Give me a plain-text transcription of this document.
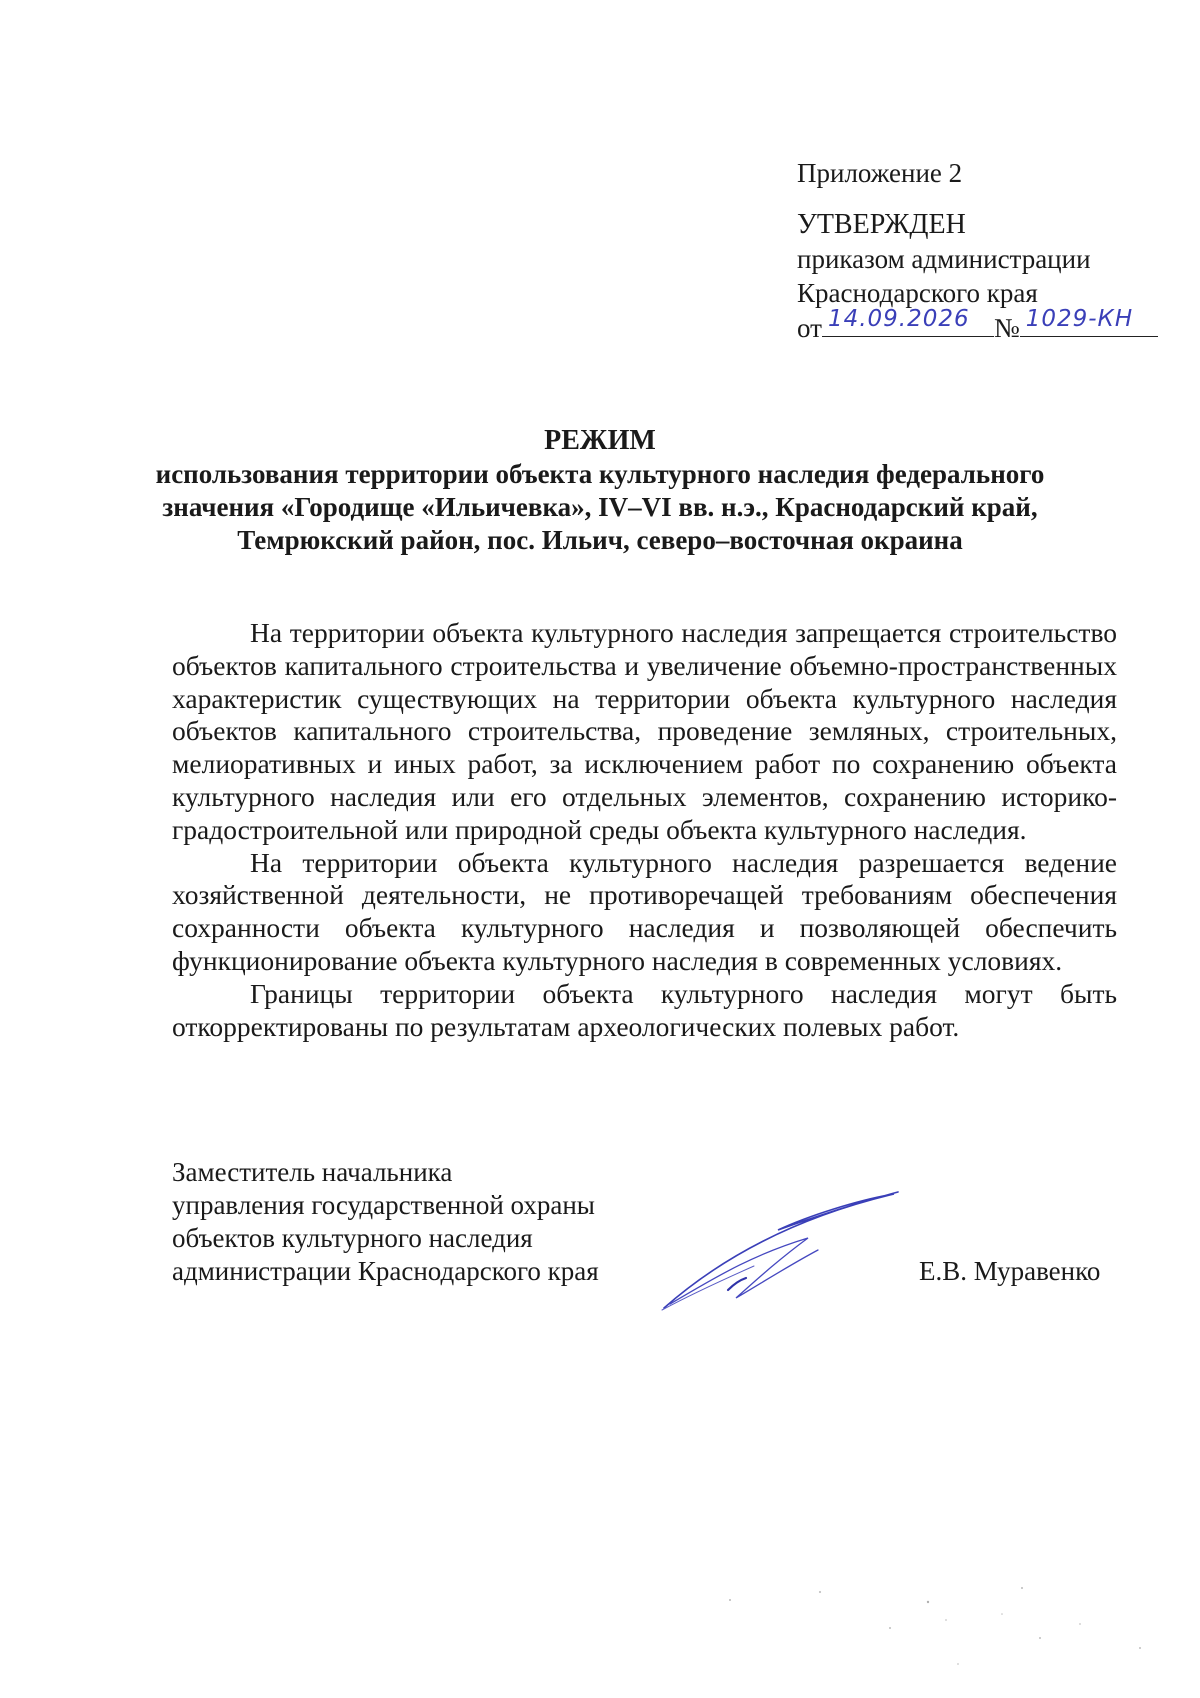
Приложение 2
УТВЕРЖДЕН
приказом администрации
Краснодарского края
от 14.09.2026 № 1029-КН
РЕЖИМ
использования территории объекта культурного наследия федерального
значения «Городище «Ильичевка», IV–VI вв. н.э., Краснодарский край,
Темрюкский район, пос. Ильич, северо–восточная окраина

На территории объекта культурного наследия запрещается строительство объектов капитального строительства и увеличение объемно-пространственных характеристик существующих на территории объекта культурного наследия объектов капитального строительства, проведение земляных, строительных, мелиоративных и иных работ, за исключением работ по сохранению объекта культурного наследия или его отдельных элементов, сохранению историко-градостроительной или природной среды объекта культурного наследия.

На территории объекта культурного наследия разрешается ведение хозяйственной деятельности, не противоречащей требованиям обеспечения сохранности объекта культурного наследия и позволяющей обеспечить функционирование объекта культурного наследия в современных условиях.

Границы территории объекта культурного наследия могут быть откорректированы по результатам археологических полевых работ.

Заместитель начальника
управления государственной охраны
объектов культурного наследия
администрации Краснодарского края	Е.В. Муравенко
